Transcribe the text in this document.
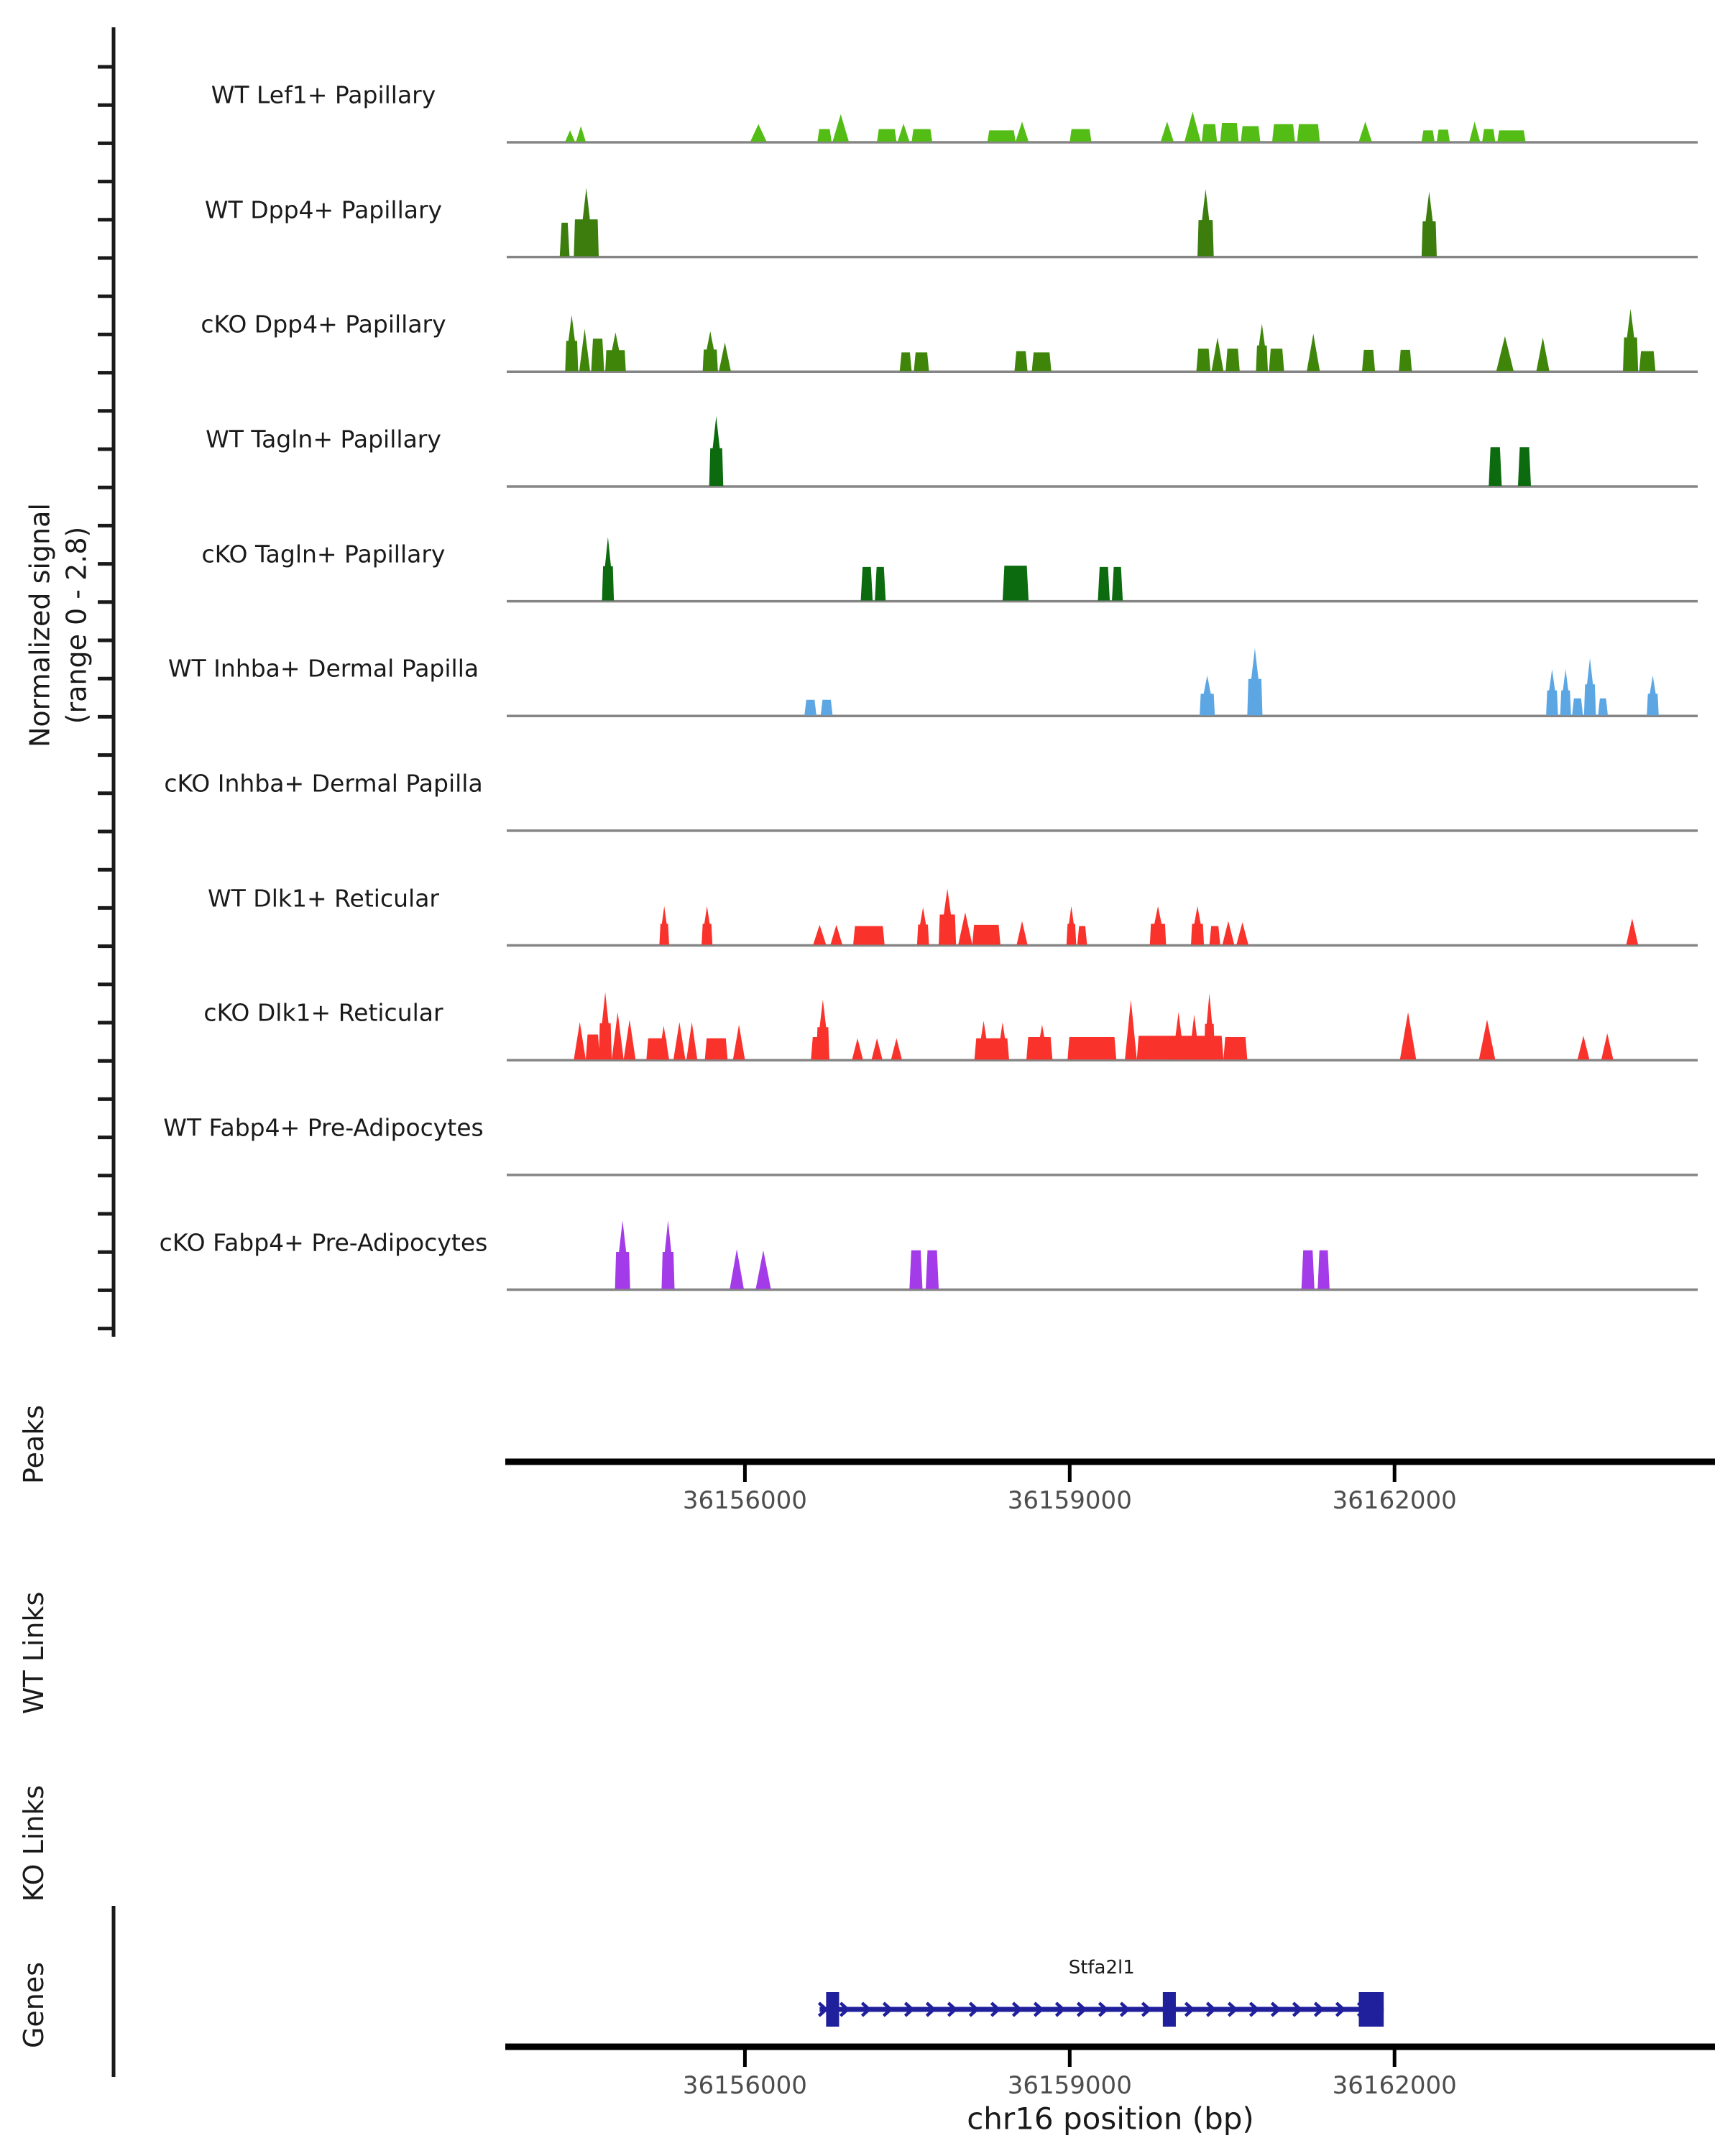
Normalized signal (range 0 - 2.8)
Peaks
WT Links
KO Links
Genes
chr16 position (bp)
WT Lef1+ Papillary
WT Dpp4+ Papillary
cKO Dpp4+ Papillary
WT Tagln+ Papillary
cKO Tagln+ Papillary
WT Inhba+ Dermal Papilla
cKO Inhba+ Dermal Papilla
WT Dlk1+ Reticular
cKO Dlk1+ Reticular
WT Fabp4+ Pre-Adipocytes
cKO Fabp4+ Pre-Adipocytes
36156000	36159000	36162000
36156000	36159000	36162000
Stfa2l1
